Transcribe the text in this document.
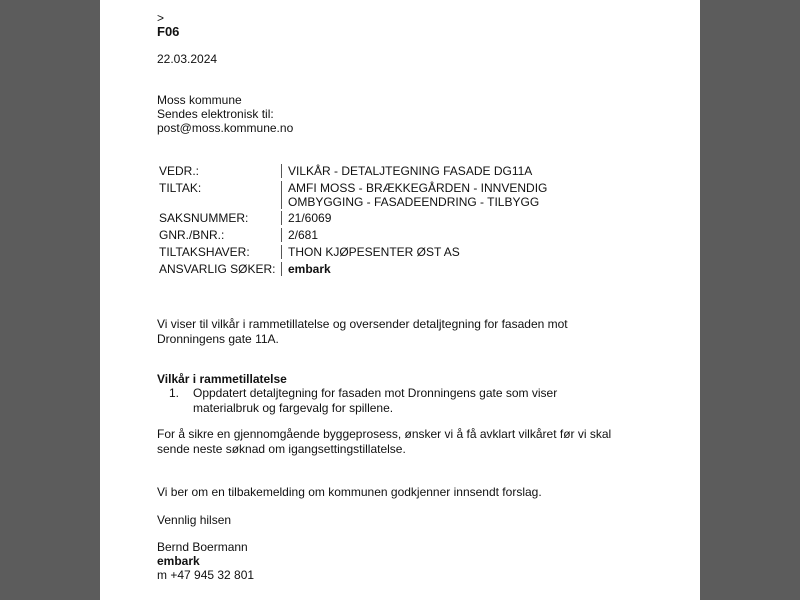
>
F06
22.03.2024
Moss kommune
Sendes elektronisk til:
post@moss.kommune.no
VEDR.:	VILKÅR - DETALJTEGNING FASADE DG11A
TILTAK:	AMFI MOSS - BRÆKKEGÅRDEN - INNVENDIG OMBYGGING - FASADEENDRING - TILBYGG
SAKSNUMMER:	21/6069
GNR./BNR.:	2/681
TILTAKSHAVER:	THON KJØPESENTER ØST AS
ANSVARLIG SØKER:	embark
Vi viser til vilkår i rammetillatelse og oversender detaljtegning for fasaden mot Dronningens gate 11A.
Vilkår i rammetillatelse
1.	Oppdatert detaljtegning for fasaden mot Dronningens gate som viser materialbruk og fargevalg for spillene.
For å sikre en gjennomgående byggeprosess, ønsker vi å få avklart vilkåret før vi skal sende neste søknad om igangsettingstillatelse.
Vi ber om en tilbakemelding om kommunen godkjenner innsendt forslag.
Vennlig hilsen
Bernd Boermann
embark
m +47 945 32 801
